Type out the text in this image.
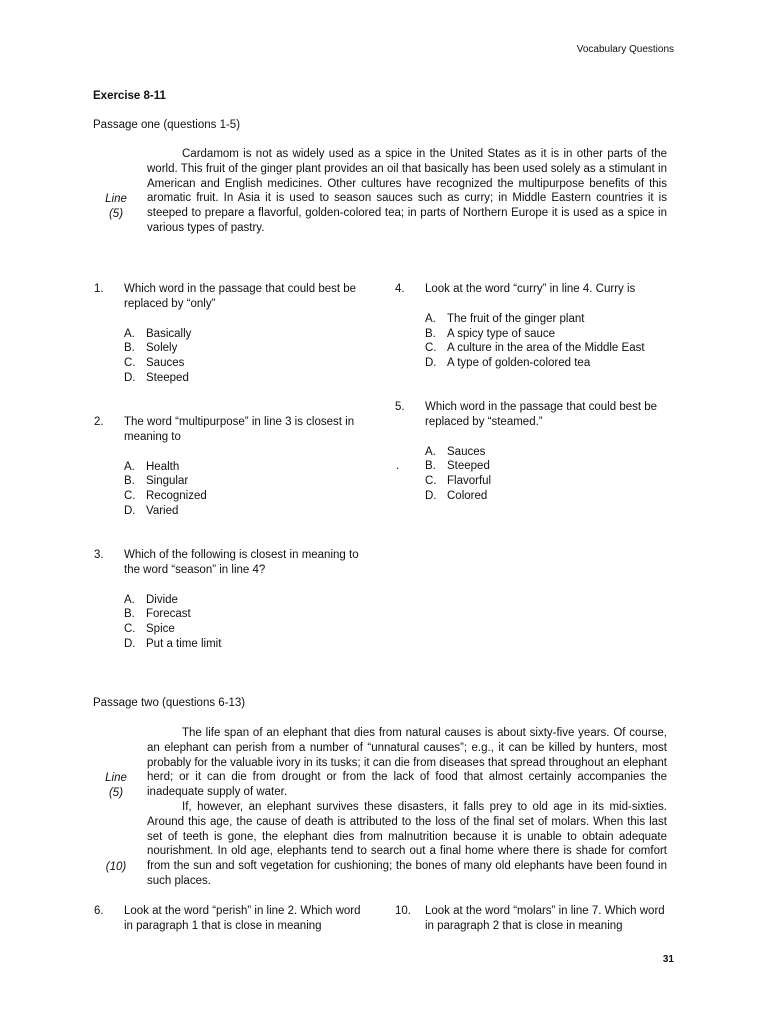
Vocabulary Questions
Exercise 8-11
Passage one (questions 1-5)

Cardamom is not as widely used as a spice in the United States as it is in other parts of the world. This fruit of the ginger plant provides an oil that basically has been used solely as a stimulant in American and English medicines. Other cultures have recognized the multipurpose benefits of this aromatic fruit. In Asia it is used to season sauces such as curry; in Middle Eastern countries it is steeped to prepare a flavorful, golden-colored tea; in parts of Northern Europe it is used as a spice in various types of pastry.

Line
(5)
1. Which word in the passage that could best be replaced by “only”
A. Basically
B. Solely
C. Sauces
D. Steeped
2. The word “multipurpose” in line 3 is closest in meaning to
A. Health
B. Singular
C. Recognized
D. Varied
3. Which of the following is closest in meaning to the word “season” in line 4?
A. Divide
B. Forecast
C. Spice
D. Put a time limit
4. Look at the word “curry” in line 4. Curry is
A. The fruit of the ginger plant
B. A spicy type of sauce
C. A culture in the area of the Middle East
D. A type of golden-colored tea
5. Which word in the passage that could best be replaced by “steamed.”
A. Sauces
B. Steeped
C. Flavorful
D. Colored
.
Passage two (questions 6-13)

The life span of an elephant that dies from natural causes is about sixty-five years. Of course, an elephant can perish from a number of “unnatural causes”; e.g., it can be killed by hunters, most probably for the valuable ivory in its tusks; it can die from diseases that spread throughout an elephant herd; or it can die from drought or from the lack of food that almost certainly accompanies the inadequate supply of water.

If, however, an elephant survives these disasters, it falls prey to old age in its mid-sixties. Around this age, the cause of death is attributed to the loss of the final set of molars. When this last set of teeth is gone, the elephant dies from malnutrition because it is unable to obtain adequate nourishment. In old age, elephants tend to search out a final home where there is shade for comfort from the sun and soft vegetation for cushioning; the bones of many old elephants have been found in such places.

Line
(5)
(10)
6. Look at the word “perish” in line 2. Which word in paragraph 1 that is close in meaning
10. Look at the word “molars” in line 7. Which word in paragraph 2 that is close in meaning
31
